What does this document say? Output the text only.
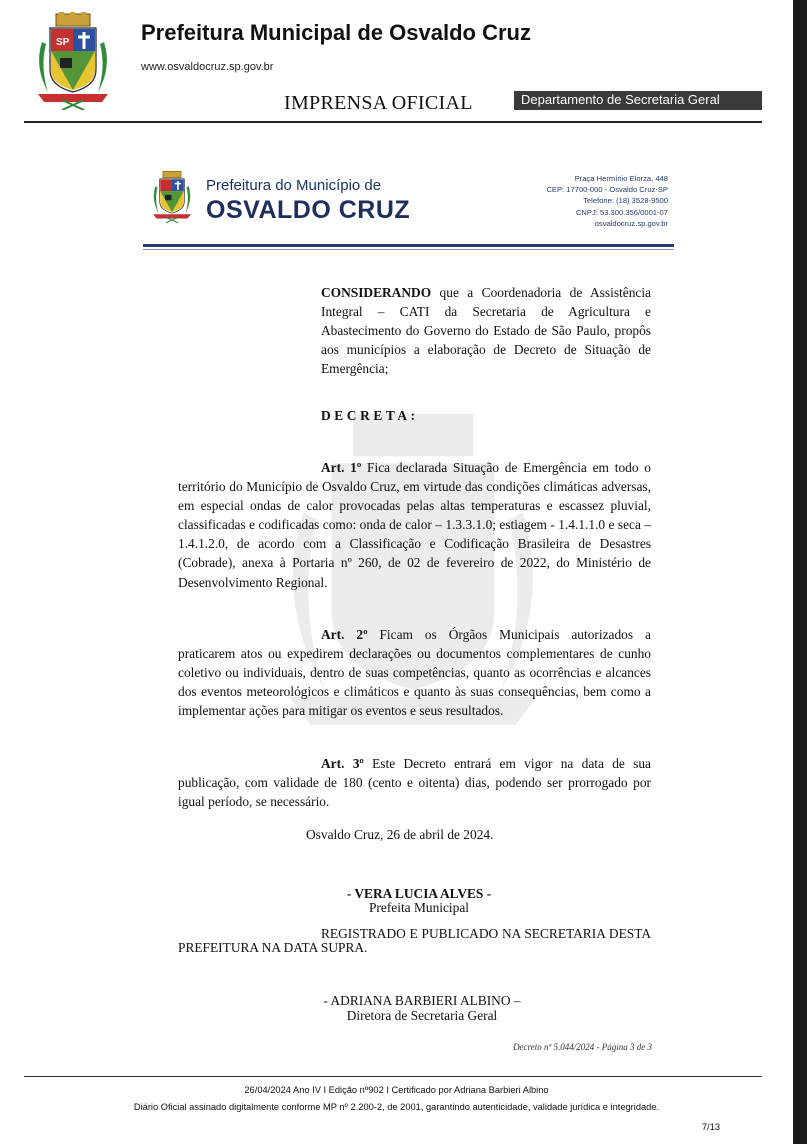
SP	Prefeitura Municipal de Osvaldo Cruz
www.osvaldocruz.sp.gov.br
IMPRENSA OFICIAL	Departamento de Secretaria Geral
Prefeitura do Município de
OSVALDO CRUZ
Praça Hermínio Elorza, 448
CEP: 17700-000 - Osvaldo Cruz-SP
Telefone: (18) 3528-9500
CNPJ: 53.300.356/0001-07
osvaldocruz.sp.gov.br
CONSIDERANDO que a Coordenadoria de Assistência Integral – CATI da Secretaria de Agricultura e Abastecimento do Governo do Estado de São Paulo, propôs aos municípios a elaboração de Decreto de Situação de Emergência;
DECRETA:
Art. 1º Fica declarada Situação de Emergência em todo o território do Município de Osvaldo Cruz, em virtude das condições climáticas adversas, em especial ondas de calor provocadas pelas altas temperaturas e escassez pluvial, classificadas e codificadas como: onda de calor – 1.3.3.1.0; estiagem - 1.4.1.1.0 e seca – 1.4.1.2.0, de acordo com a Classificação e Codificação Brasileira de Desastres (Cobrade), anexa à Portaria nº 260, de 02 de fevereiro de 2022, do Ministério de Desenvolvimento Regional.
Art. 2º Ficam os Órgãos Municipais autorizados a praticarem atos ou expedirem declarações ou documentos complementares de cunho coletivo ou individuais, dentro de suas competências, quanto as ocorrências e alcances dos eventos meteorológicos e climáticos e quanto às suas consequências, bem como a implementar ações para mitigar os eventos e seus resultados.
Art. 3º Este Decreto entrará em vigor na data de sua publicação, com validade de 180 (cento e oitenta) dias, podendo ser prorrogado por igual período, se necessário.
Osvaldo Cruz, 26 de abril de 2024.
- VERA LUCIA ALVES -
Prefeita Municipal
REGISTRADO E PUBLICADO NA SECRETARIA DESTA PREFEITURA NA DATA SUPRA.
- ADRIANA BARBIERI ALBINO –
Diretora de Secretaria Geral
Decreto nº 5.044/2024 - Página 3 de 3
26/04/2024 Ano IV I Edição nº902 I Certificado por Adriana Barbieri Albino
Diário Oficial assinado digitalmente conforme MP nº 2.200-2, de 2001, garantindo autenticidade, validade jurídica e integridade.
7/13
